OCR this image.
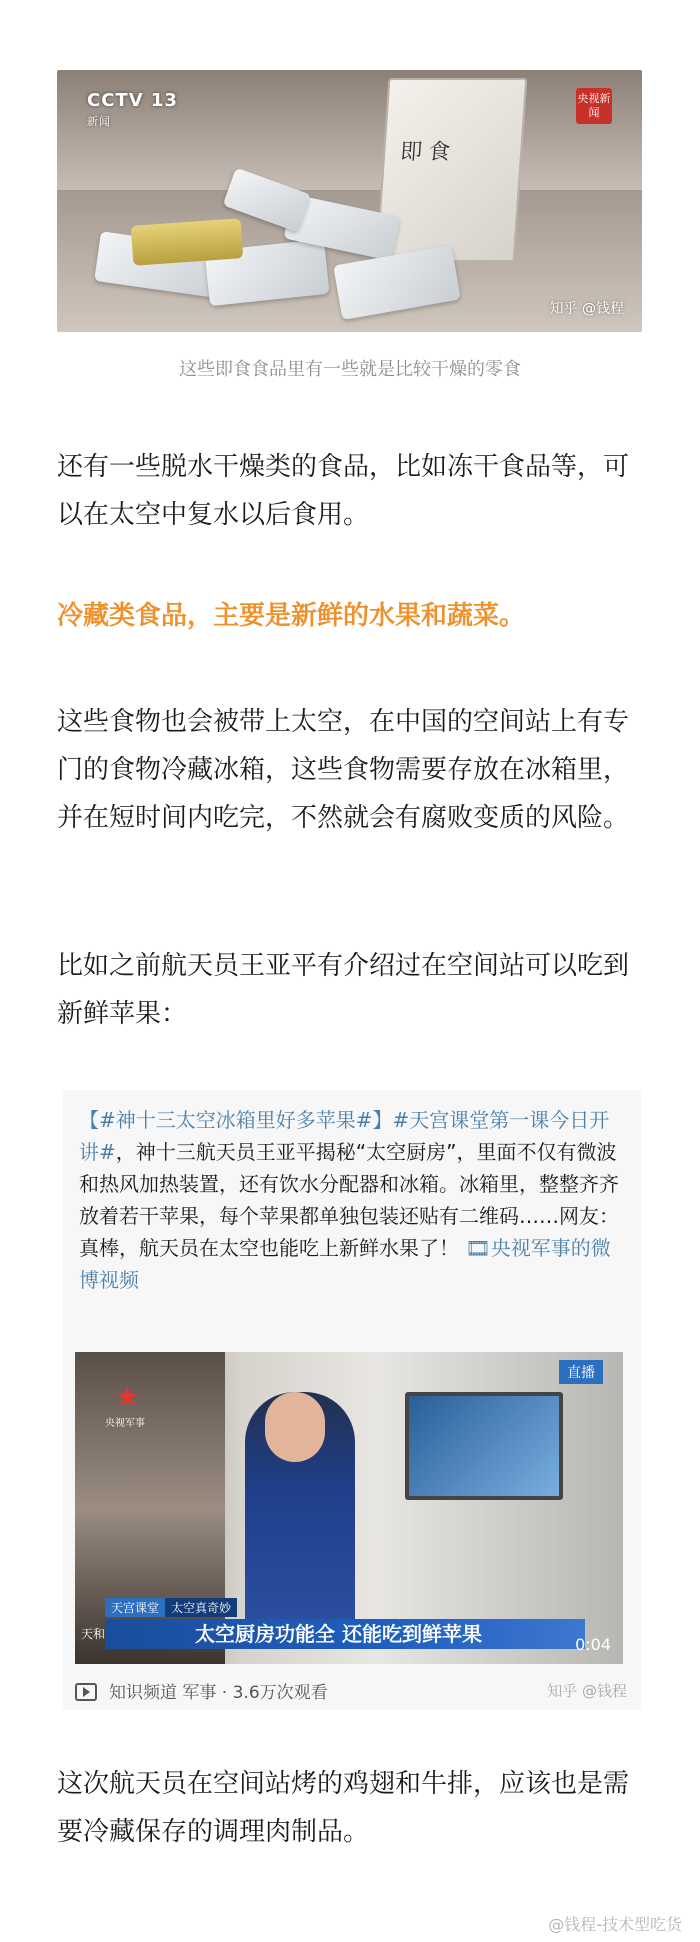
即食
CCTV 13
新闻
央视新闻
知乎 @钱程
这些即食食品里有一些就是比较干燥的零食
还有一些脱水干燥类的食品，比如冻干食品等，可以在太空中复水以后食用。
冷藏类食品，主要是新鲜的水果和蔬菜。
这些食物也会被带上太空，在中国的空间站上有专门的食物冷藏冰箱，这些食物需要存放在冰箱里，并在短时间内吃完，不然就会有腐败变质的风险。
比如之前航天员王亚平有介绍过在空间站可以吃到新鲜苹果：
【#神十三太空冰箱里好多苹果#】#天宫课堂第一课今日开讲#，神十三航天员王亚平揭秘“太空厨房”，里面不仅有微波和热风加热装置，还有饮水分配器和冰箱。冰箱里，整整齐齐放着若干苹果，每个苹果都单独包装还贴有二维码……网友：真棒，航天员在太空也能吃上新鲜水果了！ 🎞央视军事的微博视频
★
央视军事
直播
天宫课堂 太空真奇妙
太空厨房功能全 还能吃到鲜苹果
天和
0:04
知识频道 军事 · 3.6万次观看	知乎 @钱程
这次航天员在空间站烤的鸡翅和牛排，应该也是需要冷藏保存的调理肉制品。
@钱程-技术型吃货
